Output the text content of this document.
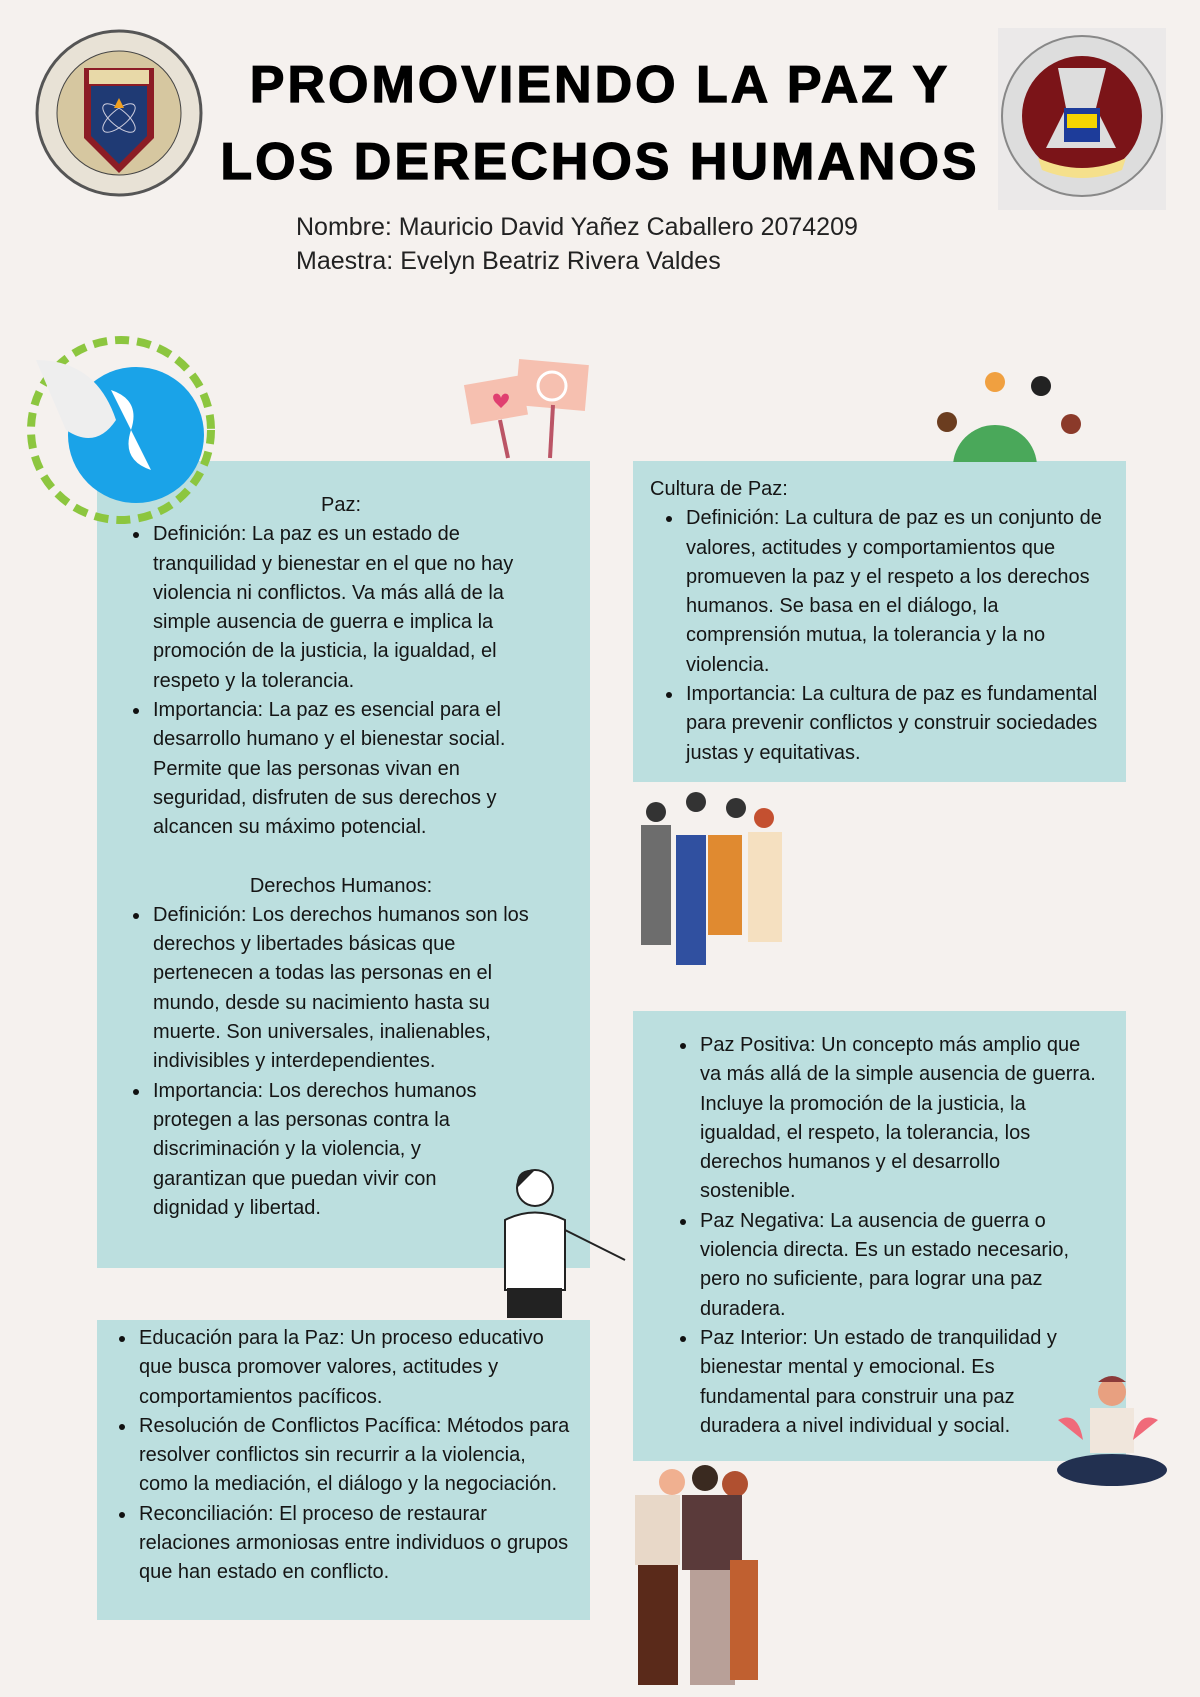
PROMOVIENDO LA PAZ Y
LOS DERECHOS HUMANOS
Nombre: Mauricio David Yañez Caballero 2074209
Maestra: Evelyn Beatriz Rivera Valdes
Paz:
Definición: La paz es un estado de tranquilidad y bienestar en el que no hay violencia ni conflictos. Va más allá de la simple ausencia de guerra e implica la promoción de la justicia, la igualdad, el respeto y la tolerancia.
Importancia: La paz es esencial para el desarrollo humano y el bienestar social. Permite que las personas vivan en seguridad, disfruten de sus derechos y alcancen su máximo potencial.
Derechos Humanos:
Definición: Los derechos humanos son los derechos y libertades básicas que pertenecen a todas las personas en el mundo, desde su nacimiento hasta su muerte. Son universales, inalienables, indivisibles y interdependientes.
Importancia: Los derechos humanos protegen a las personas contra la discriminación y la violencia, y garantizan que puedan vivir con dignidad y libertad.
Cultura de Paz:
Definición: La cultura de paz es un conjunto de valores, actitudes y comportamientos que promueven la paz y el respeto a los derechos humanos. Se basa en el diálogo, la comprensión mutua, la tolerancia y la no violencia.
Importancia: La cultura de paz es fundamental para prevenir conflictos y construir sociedades justas y equitativas.
Paz Positiva: Un concepto más amplio que va más allá de la simple ausencia de guerra. Incluye la promoción de la justicia, la igualdad, el respeto, la tolerancia, los derechos humanos y el desarrollo sostenible.
Paz Negativa: La ausencia de guerra o violencia directa. Es un estado necesario, pero no suficiente, para lograr una paz duradera.
Paz Interior: Un estado de tranquilidad y bienestar mental y emocional. Es fundamental para construir una paz duradera a nivel individual y social.
Educación para la Paz: Un proceso educativo que busca promover valores, actitudes y comportamientos pacíficos.
Resolución de Conflictos Pacífica: Métodos para resolver conflictos sin recurrir a la violencia, como la mediación, el diálogo y la negociación.
Reconciliación: El proceso de restaurar relaciones armoniosas entre individuos o grupos que han estado en conflicto.
